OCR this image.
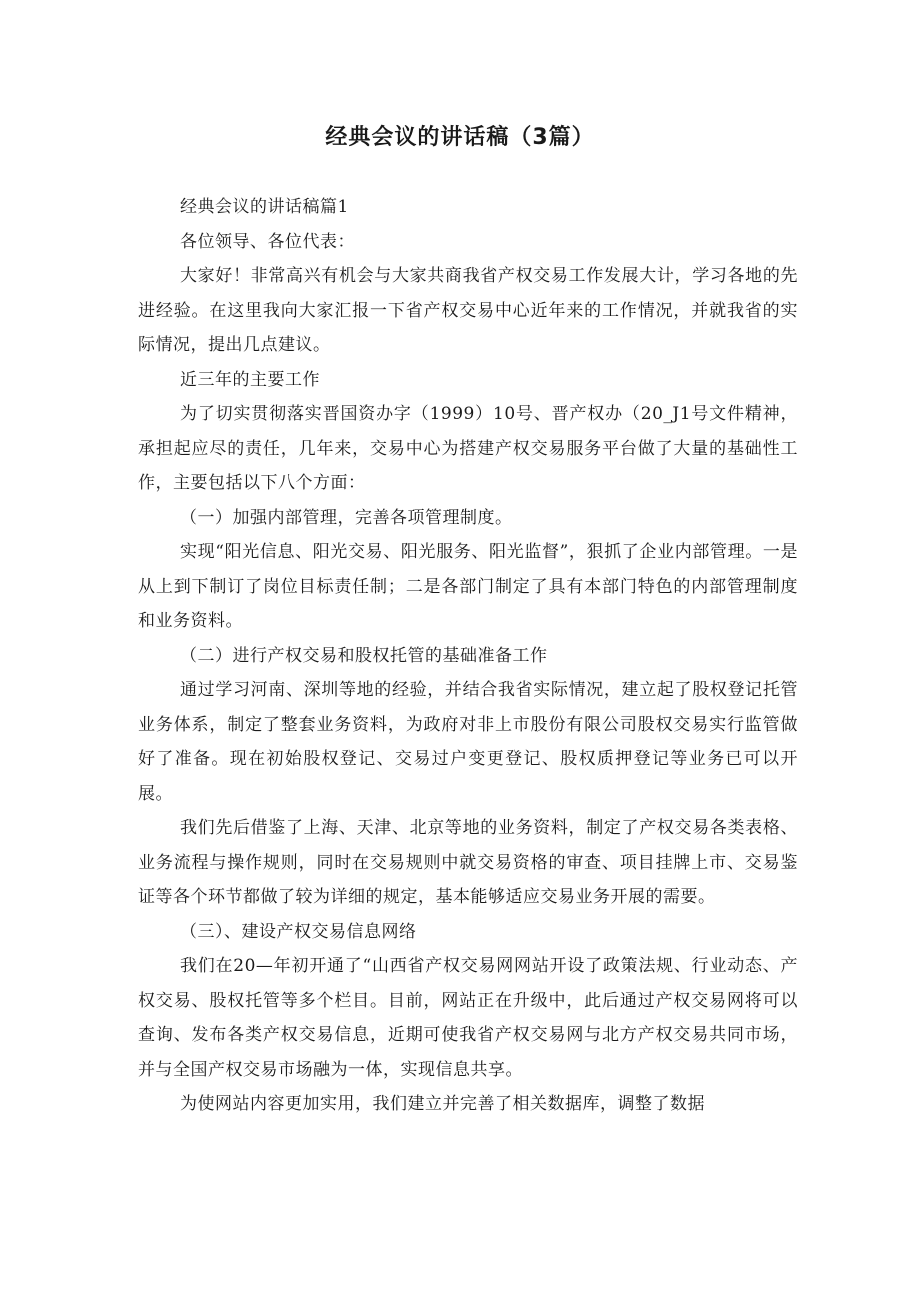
经典会议的讲话稿（3篇）

经典会议的讲话稿篇1

各位领导、各位代表：

大家好！非常高兴有机会与大家共商我省产权交易工作发展大计，学习各地的先进经验。在这里我向大家汇报一下省产权交易中心近年来的工作情况，并就我省的实际情况，提出几点建议。

近三年的主要工作

为了切实贯彻落实晋国资办字（1999）10号、晋产权办（20_J1号文件精神，承担起应尽的责任，几年来，交易中心为搭建产权交易服务平台做了大量的基础性工作，主要包括以下八个方面：

（一）加强内部管理，完善各项管理制度。

实现“阳光信息、阳光交易、阳光服务、阳光监督”，狠抓了企业内部管理。一是从上到下制订了岗位目标责任制；二是各部门制定了具有本部门特色的内部管理制度和业务资料。

（二）进行产权交易和股权托管的基础准备工作

通过学习河南、深圳等地的经验，并结合我省实际情况，建立起了股权登记托管业务体系，制定了整套业务资料，为政府对非上市股份有限公司股权交易实行监管做好了准备。现在初始股权登记、交易过户变更登记、股权质押登记等业务已可以开展。

我们先后借鉴了上海、天津、北京等地的业务资料，制定了产权交易各类表格、业务流程与操作规则，同时在交易规则中就交易资格的审查、项目挂牌上市、交易鉴证等各个环节都做了较为详细的规定，基本能够适应交易业务开展的需要。

（三）、建设产权交易信息网络

我们在20—年初开通了“山西省产权交易网网站开设了政策法规、行业动态、产权交易、股权托管等多个栏目。目前，网站正在升级中，此后通过产权交易网将可以查询、发布各类产权交易信息，近期可使我省产权交易网与北方产权交易共同市场，并与全国产权交易市场融为一体，实现信息共享。

为使网站内容更加实用，我们建立并完善了相关数据库，调整了数据
